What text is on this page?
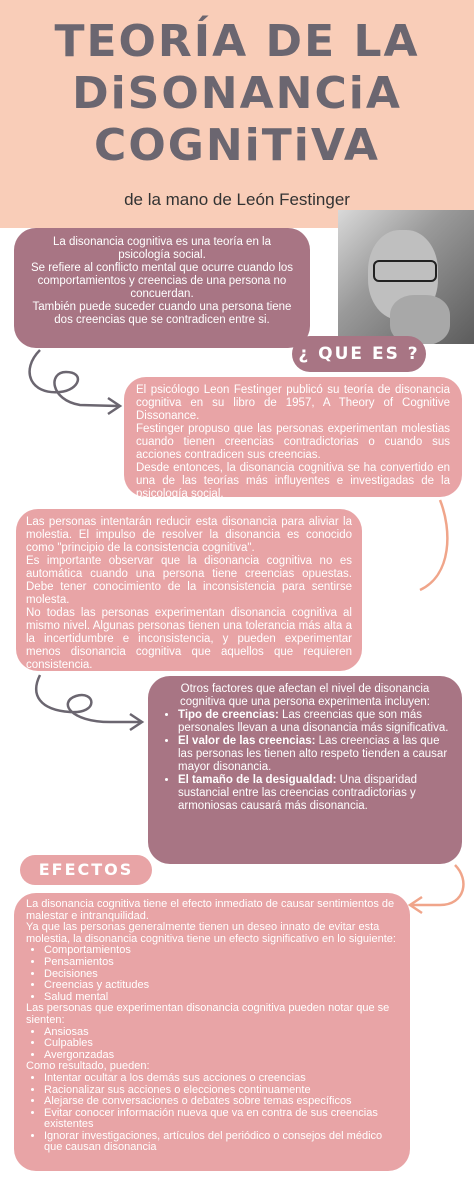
TEORÍA DE LA
DiSONANCiA
COGNiTiVA
de la mano de León Festinger

La disonancia cognitiva es una teoría en la psicología social.

Se refiere al conflicto mental que ocurre cuando los comportamientos y creencias de una persona no concuerdan.

También puede suceder cuando una persona tiene dos creencias que se contradicen entre si.

¿ QUE ES ?

El psicólogo Leon Festinger publicó su teoría de disonancia cognitiva en su libro de 1957, A Theory of Cognitive Dissonance.

Festinger propuso que las personas experimentan molestias cuando tienen creencias contradictorias o cuando sus acciones contradicen sus creencias.

Desde entonces, la disonancia cognitiva se ha convertido en una de las teorías más influyentes e investigadas de la psicología social.

Las personas intentarán reducir esta disonancia para aliviar la molestia. El impulso de resolver la disonancia es conocido como "principio de la consistencia cognitiva".

Es importante observar que la disonancia cognitiva no es automática cuando una persona tiene creencias opuestas. Debe tener conocimiento de la inconsistencia para sentirse molesta.

No todas las personas experimentan disonancia cognitiva al mismo nivel. Algunas personas tienen una tolerancia más alta a la incertidumbre e inconsistencia, y pueden experimentar menos disonancia cognitiva que aquellos que requieren consistencia.

Otros factores que afectan el nivel de disonancia cognitiva que una persona experimenta incluyen:

• Tipo de creencias: Las creencias que son más personales llevan a una disonancia más significativa.
• El valor de las creencias: Las creencias a las que las personas les tienen alto respeto tienden a causar mayor disonancia.
• El tamaño de la desigualdad: Una disparidad sustancial entre las creencias contradictorias y armoniosas causará más disonancia.
EFECTOS

La disonancia cognitiva tiene el efecto inmediato de causar sentimientos de malestar e intranquilidad.

Ya que las personas generalmente tienen un deseo innato de evitar esta molestia, la disonancia cognitiva tiene un efecto significativo en lo siguiente:

• Comportamientos
• Pensamientos
• Decisiones
• Creencias y actitudes
• Salud mental

Las personas que experimentan disonancia cognitiva pueden notar que se sienten:

• Ansiosas
• Culpables
• Avergonzadas

Como resultado, pueden:

• Intentar ocultar a los demás sus acciones o creencias
• Racionalizar sus acciones o elecciones continuamente
• Alejarse de conversaciones o debates sobre temas específicos
• Evitar conocer información nueva que va en contra de sus creencias existentes
• Ignorar investigaciones, artículos del periódico o consejos del médico que causan disonancia
